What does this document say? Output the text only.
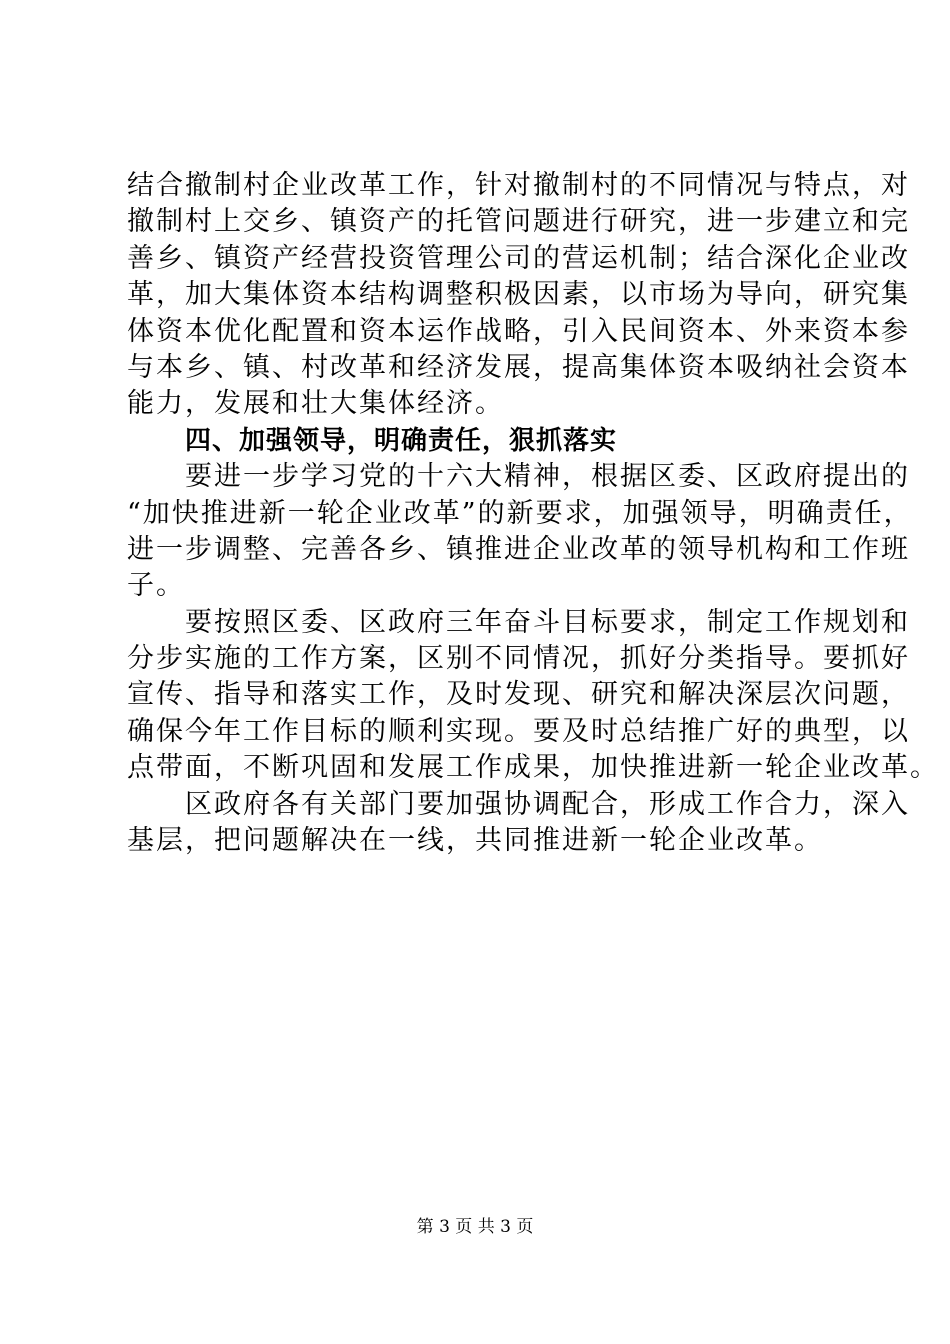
结合撤制村企业改革工作，针对撤制村的不同情况与特点，对
撤制村上交乡、镇资产的托管问题进行研究，进一步建立和完
善乡、镇资产经营投资管理公司的营运机制；结合深化企业改
革，加大集体资本结构调整积极因素，以市场为导向，研究集
体资本优化配置和资本运作战略，引入民间资本、外来资本参
与本乡、镇、村改革和经济发展，提高集体资本吸纳社会资本
能力，发展和壮大集体经济。
四、加强领导，明确责任，狠抓落实
要进一步学习党的十六大精神，根据区委、区政府提出的
“加快推进新一轮企业改革”的新要求，加强领导，明确责任，
进一步调整、完善各乡、镇推进企业改革的领导机构和工作班
子。
要按照区委、区政府三年奋斗目标要求，制定工作规划和
分步实施的工作方案，区别不同情况，抓好分类指导。要抓好
宣传、指导和落实工作，及时发现、研究和解决深层次问题，
确保今年工作目标的顺利实现。要及时总结推广好的典型，以
点带面，不断巩固和发展工作成果，加快推进新一轮企业改革。
区政府各有关部门要加强协调配合，形成工作合力，深入
基层，把问题解决在一线，共同推进新一轮企业改革。
第 3 页 共 3 页
